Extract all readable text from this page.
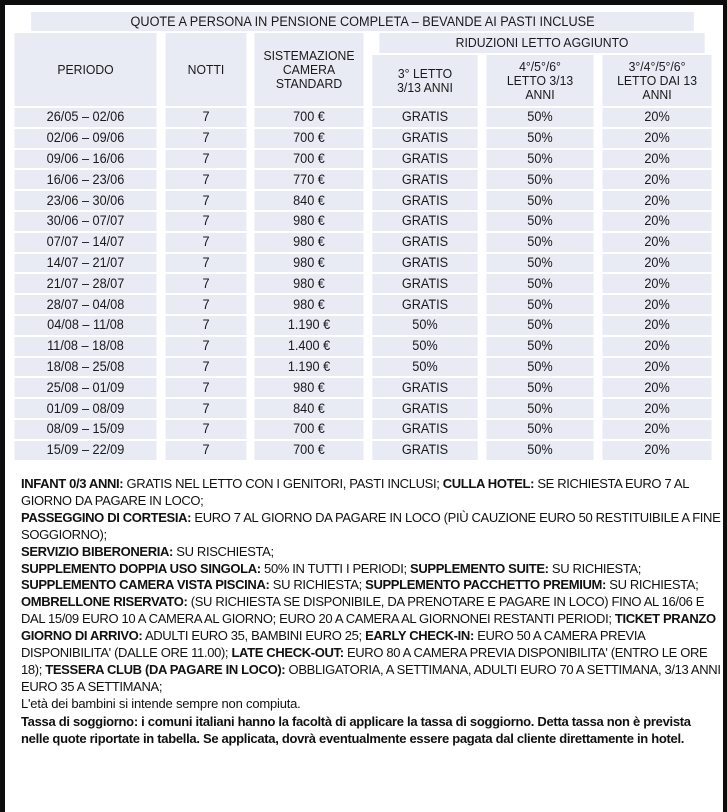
QUOTE A PERSONA IN PENSIONE COMPLETA – BEVANDE AI PASTI INCLUSE					
PERIODO	NOTTI	SISTEMAZIONE CAMERA STANDARD	RIDUZIONI LETTO AGGIUNTO		
			3° LETTO 3/13 ANNI	4°/5°/6° LETTO 3/13 ANNI	3°/4°/5°/6° LETTO DAI 13 ANNI
26/05 – 02/06	7	700 €	GRATIS	50%	20%
02/06 – 09/06	7	700 €	GRATIS	50%	20%
09/06 – 16/06	7	700 €	GRATIS	50%	20%
16/06 – 23/06	7	770 €	GRATIS	50%	20%
23/06 – 30/06	7	840 €	GRATIS	50%	20%
30/06 – 07/07	7	980 €	GRATIS	50%	20%
07/07 – 14/07	7	980 €	GRATIS	50%	20%
14/07 – 21/07	7	980 €	GRATIS	50%	20%
21/07 – 28/07	7	980 €	GRATIS	50%	20%
28/07 – 04/08	7	980 €	GRATIS	50%	20%
04/08 – 11/08	7	1.190 €	50%	50%	20%
11/08 – 18/08	7	1.400 €	50%	50%	20%
18/08 – 25/08	7	1.190 €	50%	50%	20%
25/08 – 01/09	7	980 €	GRATIS	50%	20%
01/09 – 08/09	7	840 €	GRATIS	50%	20%
08/09 – 15/09	7	700 €	GRATIS	50%	20%
15/09 – 22/09	7	700 €	GRATIS	50%	20%

INFANT 0/3 ANNI: GRATIS NEL LETTO CON I GENITORI, PASTI INCLUSI; CULLA HOTEL: SE RICHIESTA EURO 7 AL GIORNO DA PAGARE IN LOCO;

PASSEGGINO DI CORTESIA: EURO 7 AL GIORNO DA PAGARE IN LOCO (PIÙ CAUZIONE EURO 50 RESTITUIBILE A FINE SOGGIORNO);

SERVIZIO BIBERONERIA: SU RISCHIESTA;

SUPPLEMENTO DOPPIA USO SINGOLA: 50% IN TUTTI I PERIODI; SUPPLEMENTO SUITE: SU RICHIESTA;

SUPPLEMENTO CAMERA VISTA PISCINA: SU RICHIESTA; SUPPLEMENTO PACCHETTO PREMIUM: SU RICHIESTA; OMBRELLONE RISERVATO: (SU RICHIESTA SE DISPONIBILE, DA PRENOTARE E PAGARE IN LOCO) FINO AL 16/06 E DAL 15/09 EURO 10 A CAMERA AL GIORNO; EURO 20 A CAMERA AL GIORNONEI RESTANTI PERIODI; TICKET PRANZO GIORNO DI ARRIVO: ADULTI EURO 35, BAMBINI EURO 25; EARLY CHECK-IN: EURO 50 A CAMERA PREVIA DISPONIBILITA' (DALLE ORE 11.00); LATE CHECK-OUT: EURO 80 A CAMERA PREVIA DISPONIBILITA' (ENTRO LE ORE 18); TESSERA CLUB (DA PAGARE IN LOCO): OBBLIGATORIA, A SETTIMANA, ADULTI EURO 70 A SETTIMANA, 3/13 ANNI EURO 35 A SETTIMANA;

L'età dei bambini si intende sempre non compiuta.

Tassa di soggiorno: i comuni italiani hanno la facoltà di applicare la tassa di soggiorno. Detta tassa non è prevista nelle quote riportate in tabella. Se applicata, dovrà eventualmente essere pagata dal cliente direttamente in hotel.
